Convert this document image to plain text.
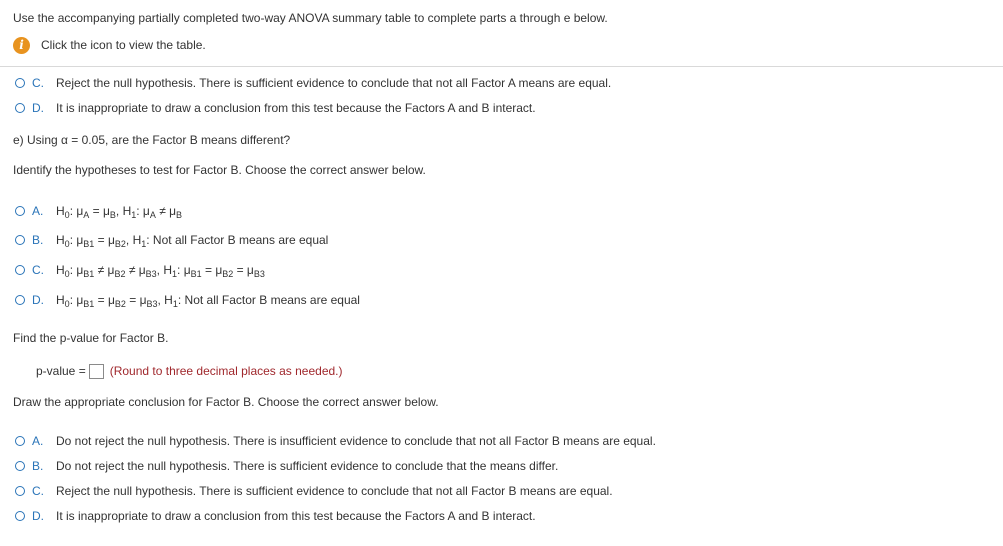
Use the accompanying partially completed two-way ANOVA summary table to complete parts a through e below.
i	Click the icon to view the table.
C.	Reject the null hypothesis. There is sufficient evidence to conclude that not all Factor A means are equal.
D.	It is inappropriate to draw a conclusion from this test because the Factors A and B interact.
e) Using α = 0.05, are the Factor B means different?
Identify the hypotheses to test for Factor B. Choose the correct answer below.
A.	$H_0$: $\mu_A = \mu_B$, $H_1$: $\mu_A \ne \mu_B$
B.	$H_0$: $\mu_{B1} = \mu_{B2}$, $H_1$: Not all Factor B means are equal
C.	$H_0$: $\mu_{B1} \ne \mu_{B2} \ne \mu_{B3}$, $H_1$: $\mu_{B1} = \mu_{B2} = \mu_{B3}$
D.	$H_0$: $\mu_{B1} = \mu_{B2} = \mu_{B3}$, $H_1$: Not all Factor B means are equal
Find the p-value for Factor B.
p-value = (Round to three decimal places as needed.)
Draw the appropriate conclusion for Factor B. Choose the correct answer below.
A.	Do not reject the null hypothesis. There is insufficient evidence to conclude that not all Factor B means are equal.
B.	Do not reject the null hypothesis. There is sufficient evidence to conclude that the means differ.
C.	Reject the null hypothesis. There is sufficient evidence to conclude that not all Factor B means are equal.
D.	It is inappropriate to draw a conclusion from this test because the Factors A and B interact.
